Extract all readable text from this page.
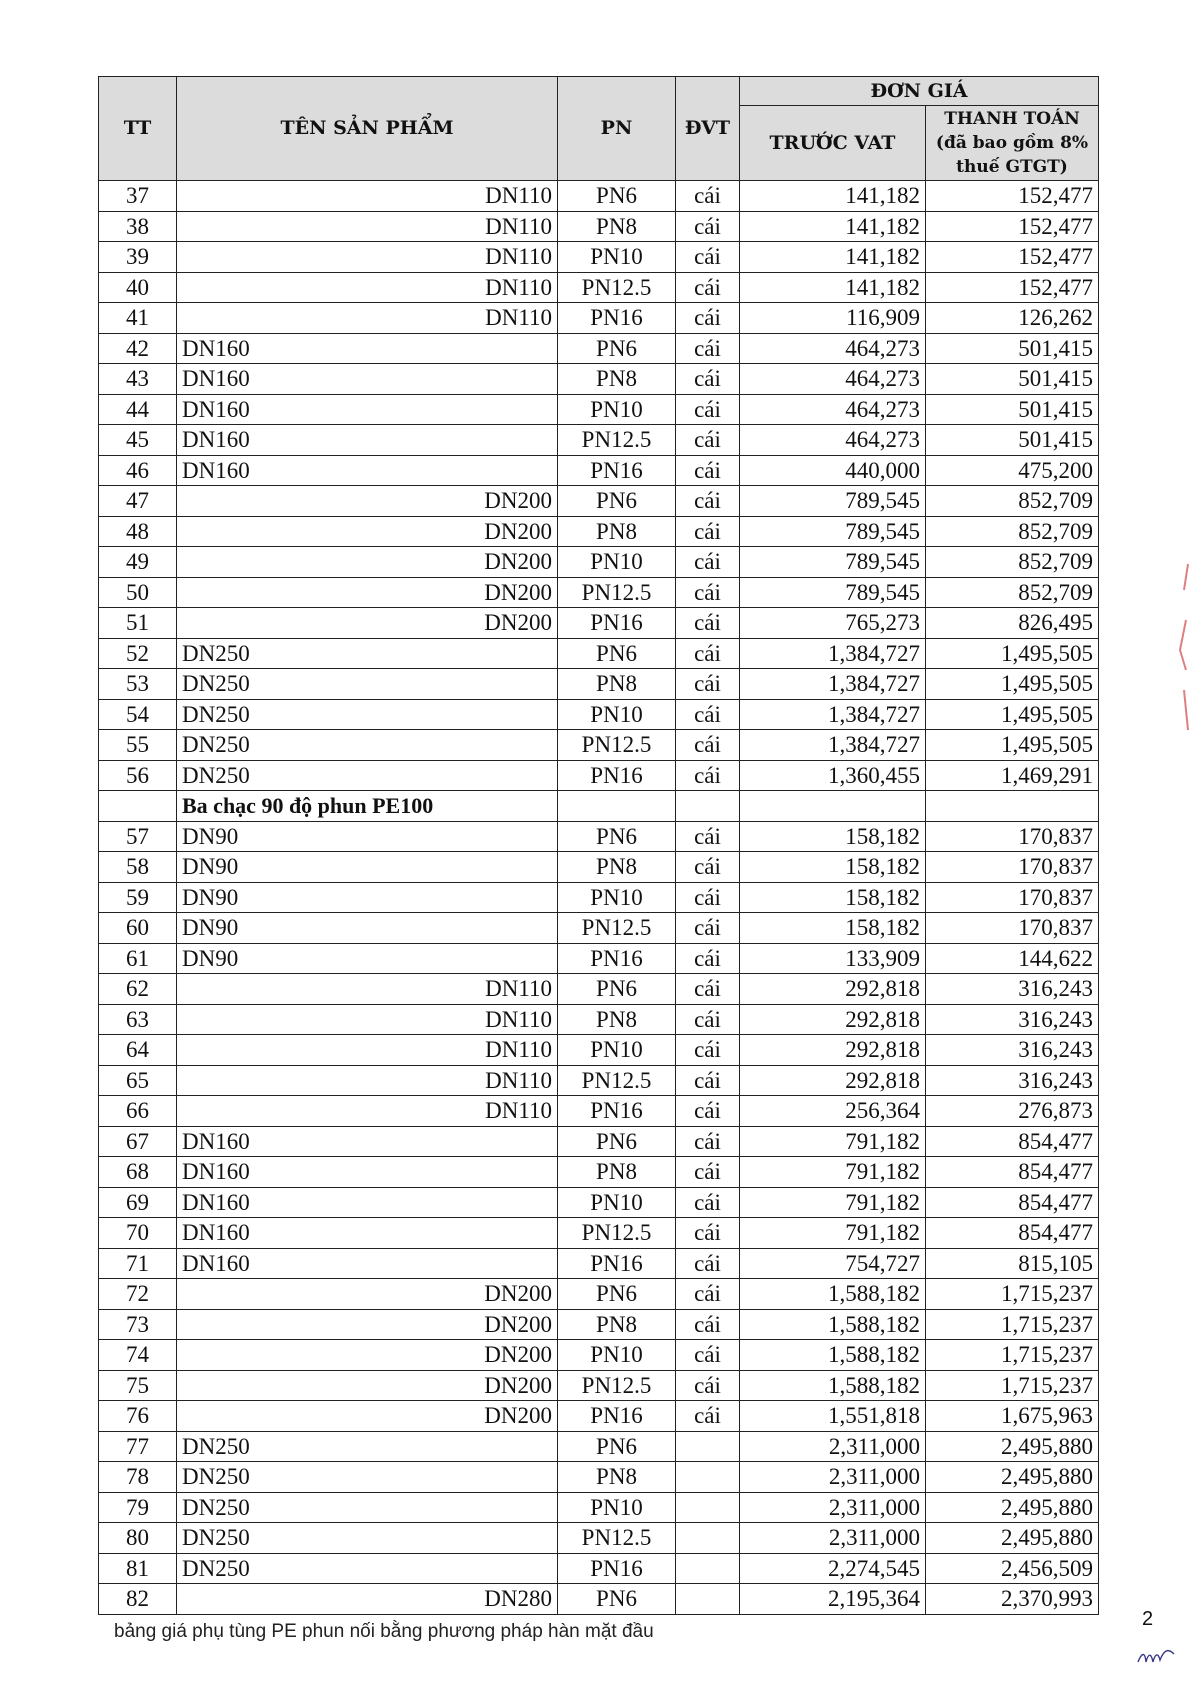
TT	TÊN SẢN PHẨM	PN	ĐVT	ĐƠN GIÁ	
				TRƯỚC VAT	THANH TOÁN (đã bao gồm 8% thuế GTGT)
37	DN110	PN6	cái	141,182	152,477
38	DN110	PN8	cái	141,182	152,477
39	DN110	PN10	cái	141,182	152,477
40	DN110	PN12.5	cái	141,182	152,477
41	DN110	PN16	cái	116,909	126,262
42	DN160	PN6	cái	464,273	501,415
43	DN160	PN8	cái	464,273	501,415
44	DN160	PN10	cái	464,273	501,415
45	DN160	PN12.5	cái	464,273	501,415
46	DN160	PN16	cái	440,000	475,200
47	DN200	PN6	cái	789,545	852,709
48	DN200	PN8	cái	789,545	852,709
49	DN200	PN10	cái	789,545	852,709
50	DN200	PN12.5	cái	789,545	852,709
51	DN200	PN16	cái	765,273	826,495
52	DN250	PN6	cái	1,384,727	1,495,505
53	DN250	PN8	cái	1,384,727	1,495,505
54	DN250	PN10	cái	1,384,727	1,495,505
55	DN250	PN12.5	cái	1,384,727	1,495,505
56	DN250	PN16	cái	1,360,455	1,469,291
	Ba chạc 90 độ phun PE100				
57	DN90	PN6	cái	158,182	170,837
58	DN90	PN8	cái	158,182	170,837
59	DN90	PN10	cái	158,182	170,837
60	DN90	PN12.5	cái	158,182	170,837
61	DN90	PN16	cái	133,909	144,622
62	DN110	PN6	cái	292,818	316,243
63	DN110	PN8	cái	292,818	316,243
64	DN110	PN10	cái	292,818	316,243
65	DN110	PN12.5	cái	292,818	316,243
66	DN110	PN16	cái	256,364	276,873
67	DN160	PN6	cái	791,182	854,477
68	DN160	PN8	cái	791,182	854,477
69	DN160	PN10	cái	791,182	854,477
70	DN160	PN12.5	cái	791,182	854,477
71	DN160	PN16	cái	754,727	815,105
72	DN200	PN6	cái	1,588,182	1,715,237
73	DN200	PN8	cái	1,588,182	1,715,237
74	DN200	PN10	cái	1,588,182	1,715,237
75	DN200	PN12.5	cái	1,588,182	1,715,237
76	DN200	PN16	cái	1,551,818	1,675,963
77	DN250	PN6		2,311,000	2,495,880
78	DN250	PN8		2,311,000	2,495,880
79	DN250	PN10		2,311,000	2,495,880
80	DN250	PN12.5		2,311,000	2,495,880
81	DN250	PN16		2,274,545	2,456,509
82	DN280	PN6		2,195,364	2,370,993
bảng giá phụ tùng PE phun nối bằng phương pháp hàn mặt đầu
2
